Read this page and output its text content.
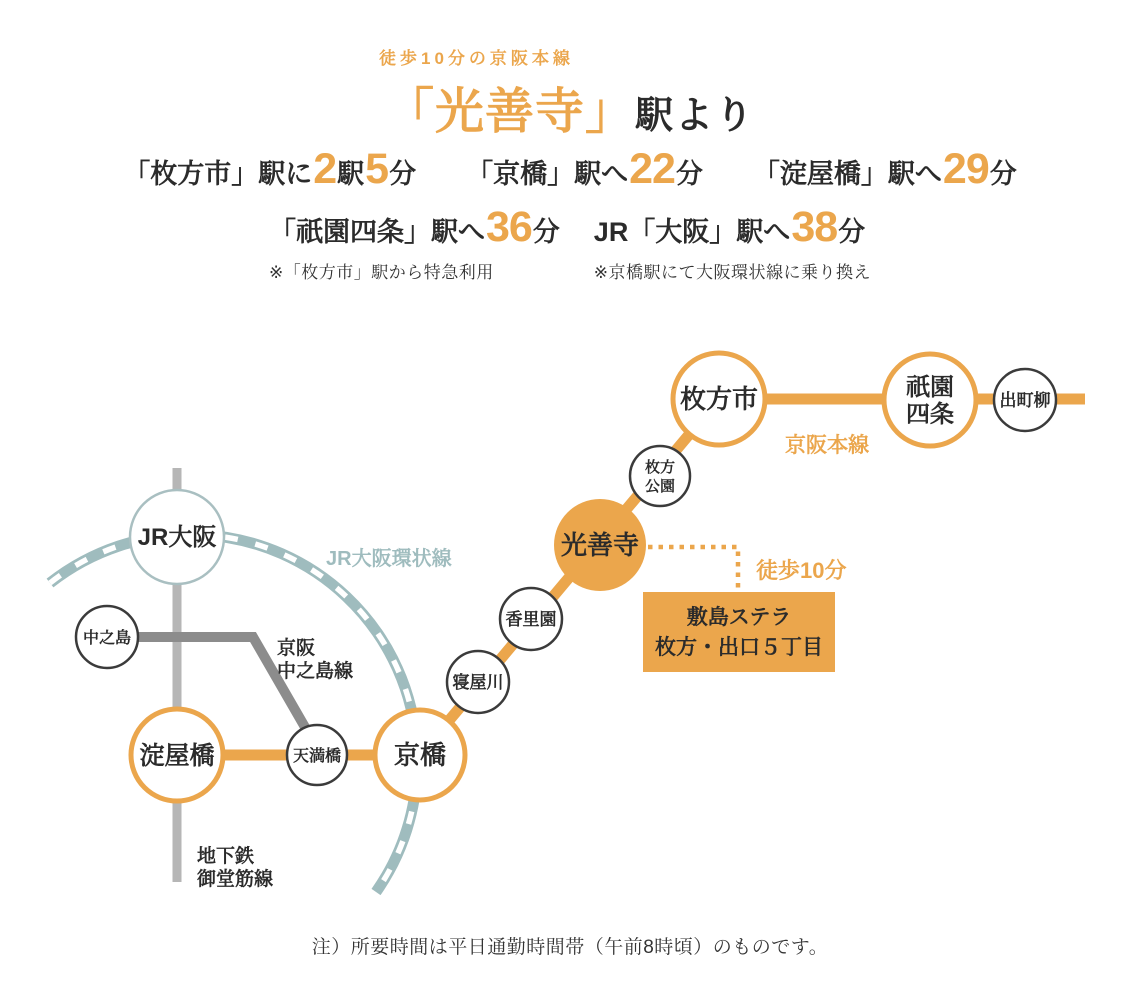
徒歩10分の京阪本線
「光善寺」 駅より
「枚方市」駅に 2 駅 5 分 「京橋」駅へ 22 分 「淀屋橋」駅へ 29 分
「祇園四条」駅へ 36 分
※「枚方市」駅から特急利用
JR「大阪」駅へ 38 分
※京橋駅にて大阪環状線に乗り換え
敷島ステラ
枚方・出口５丁目
京阪本線
JR大阪環状線
京阪
中之島線
地下鉄
御堂筋線
徒歩10分
JR大阪
中之島
淀屋橋	天満橋 京橋
寝屋川
香里園
光善寺
枚方
公園
枚方市	祇園
四条
出町柳
注）所要時間は平日通勤時間帯（午前8時頃）のものです。
